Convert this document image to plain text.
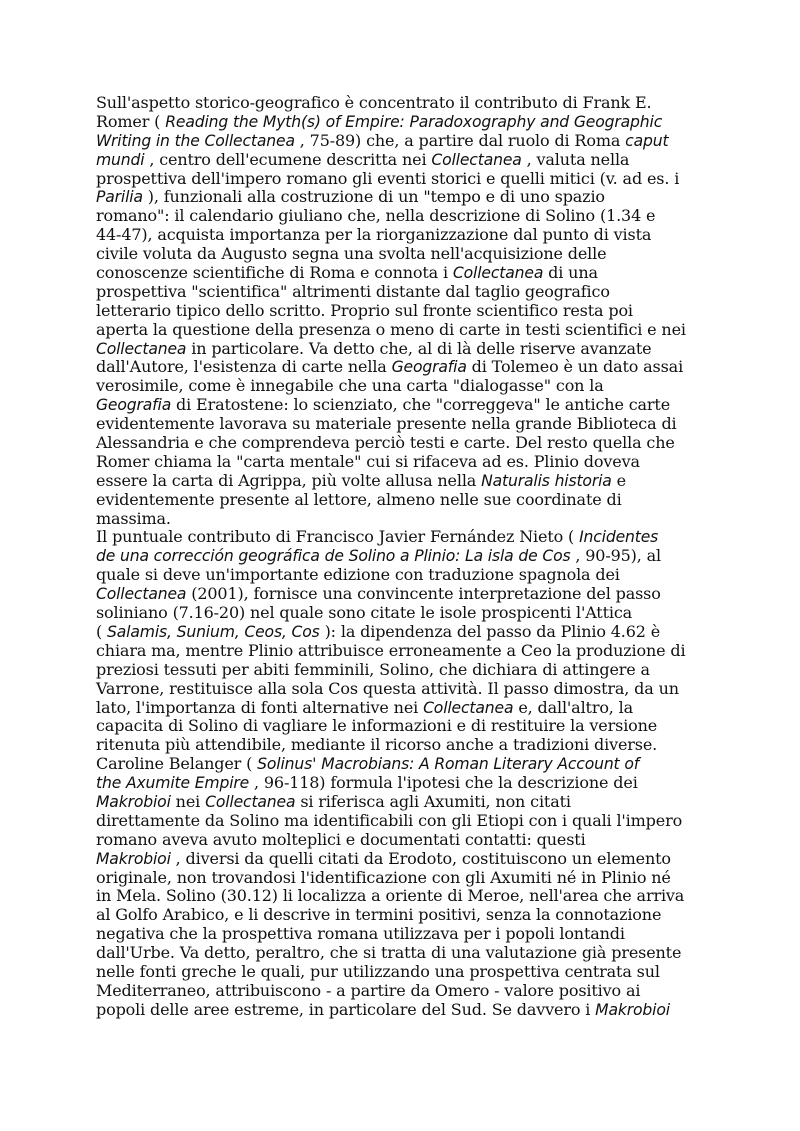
Sull'aspetto storico-geografico è concentrato il contributo di Frank E.
Romer ( Reading the Myth(s) of Empire: Paradoxography and Geographic
Writing in the Collectanea , 75-89) che, a partire dal ruolo di Roma caput
mundi , centro dell'ecumene descritta nei Collectanea , valuta nella
prospettiva dell'impero romano gli eventi storici e quelli mitici (v. ad es. i
Parilia ), funzionali alla costruzione di un "tempo e di uno spazio
romano": il calendario giuliano che, nella descrizione di Solino (1.34 e
44-47), acquista importanza per la riorganizzazione dal punto di vista
civile voluta da Augusto segna una svolta nell'acquisizione delle
conoscenze scientifiche di Roma e connota i Collectanea di una
prospettiva "scientifica" altrimenti distante dal taglio geografico
letterario tipico dello scritto. Proprio sul fronte scientifico resta poi
aperta la questione della presenza o meno di carte in testi scientifici e nei
Collectanea in particolare. Va detto che, al di là delle riserve avanzate
dall'Autore, l'esistenza di carte nella Geografia di Tolemeo è un dato assai
verosimile, come è innegabile che una carta "dialogasse" con la
Geografia di Eratostene: lo scienziato, che "correggeva" le antiche carte
evidentemente lavorava su materiale presente nella grande Biblioteca di
Alessandria e che comprendeva perciò testi e carte. Del resto quella che
Romer chiama la "carta mentale" cui si rifaceva ad es. Plinio doveva
essere la carta di Agrippa, più volte allusa nella Naturalis historia e
evidentemente presente al lettore, almeno nelle sue coordinate di
massima.
Il puntuale contributo di Francisco Javier Fernández Nieto ( Incidentes
de una corrección geográfica de Solino a Plinio: La isla de Cos , 90-95), al
quale si deve un'importante edizione con traduzione spagnola dei
Collectanea (2001), fornisce una convincente interpretazione del passo
soliniano (7.16-20) nel quale sono citate le isole prospicenti l'Attica
( Salamis, Sunium, Ceos, Cos ): la dipendenza del passo da Plinio 4.62 è
chiara ma, mentre Plinio attribuisce erroneamente a Ceo la produzione di
preziosi tessuti per abiti femminili, Solino, che dichiara di attingere a
Varrone, restituisce alla sola Cos questa attività. Il passo dimostra, da un
lato, l'importanza di fonti alternative nei Collectanea e, dall'altro, la
capacita di Solino di vagliare le informazioni e di restituire la versione
ritenuta più attendibile, mediante il ricorso anche a tradizioni diverse.
Caroline Belanger ( Solinus' Macrobians: A Roman Literary Account of
the Axumite Empire , 96-118) formula l'ipotesi che la descrizione dei
Makrobioi nei Collectanea si riferisca agli Axumiti, non citati
direttamente da Solino ma identificabili con gli Etiopi con i quali l'impero
romano aveva avuto molteplici e documentati contatti: questi
Makrobioi , diversi da quelli citati da Erodoto, costituiscono un elemento
originale, non trovandosi l'identificazione con gli Axumiti né in Plinio né
in Mela. Solino (30.12) li localizza a oriente di Meroe, nell'area che arriva
al Golfo Arabico, e li descrive in termini positivi, senza la connotazione
negativa che la prospettiva romana utilizzava per i popoli lontandi
dall'Urbe. Va detto, peraltro, che si tratta di una valutazione già presente
nelle fonti greche le quali, pur utilizzando una prospettiva centrata sul
Mediterraneo, attribuiscono - a partire da Omero - valore positivo ai
popoli delle aree estreme, in particolare del Sud. Se davvero i Makrobioi
